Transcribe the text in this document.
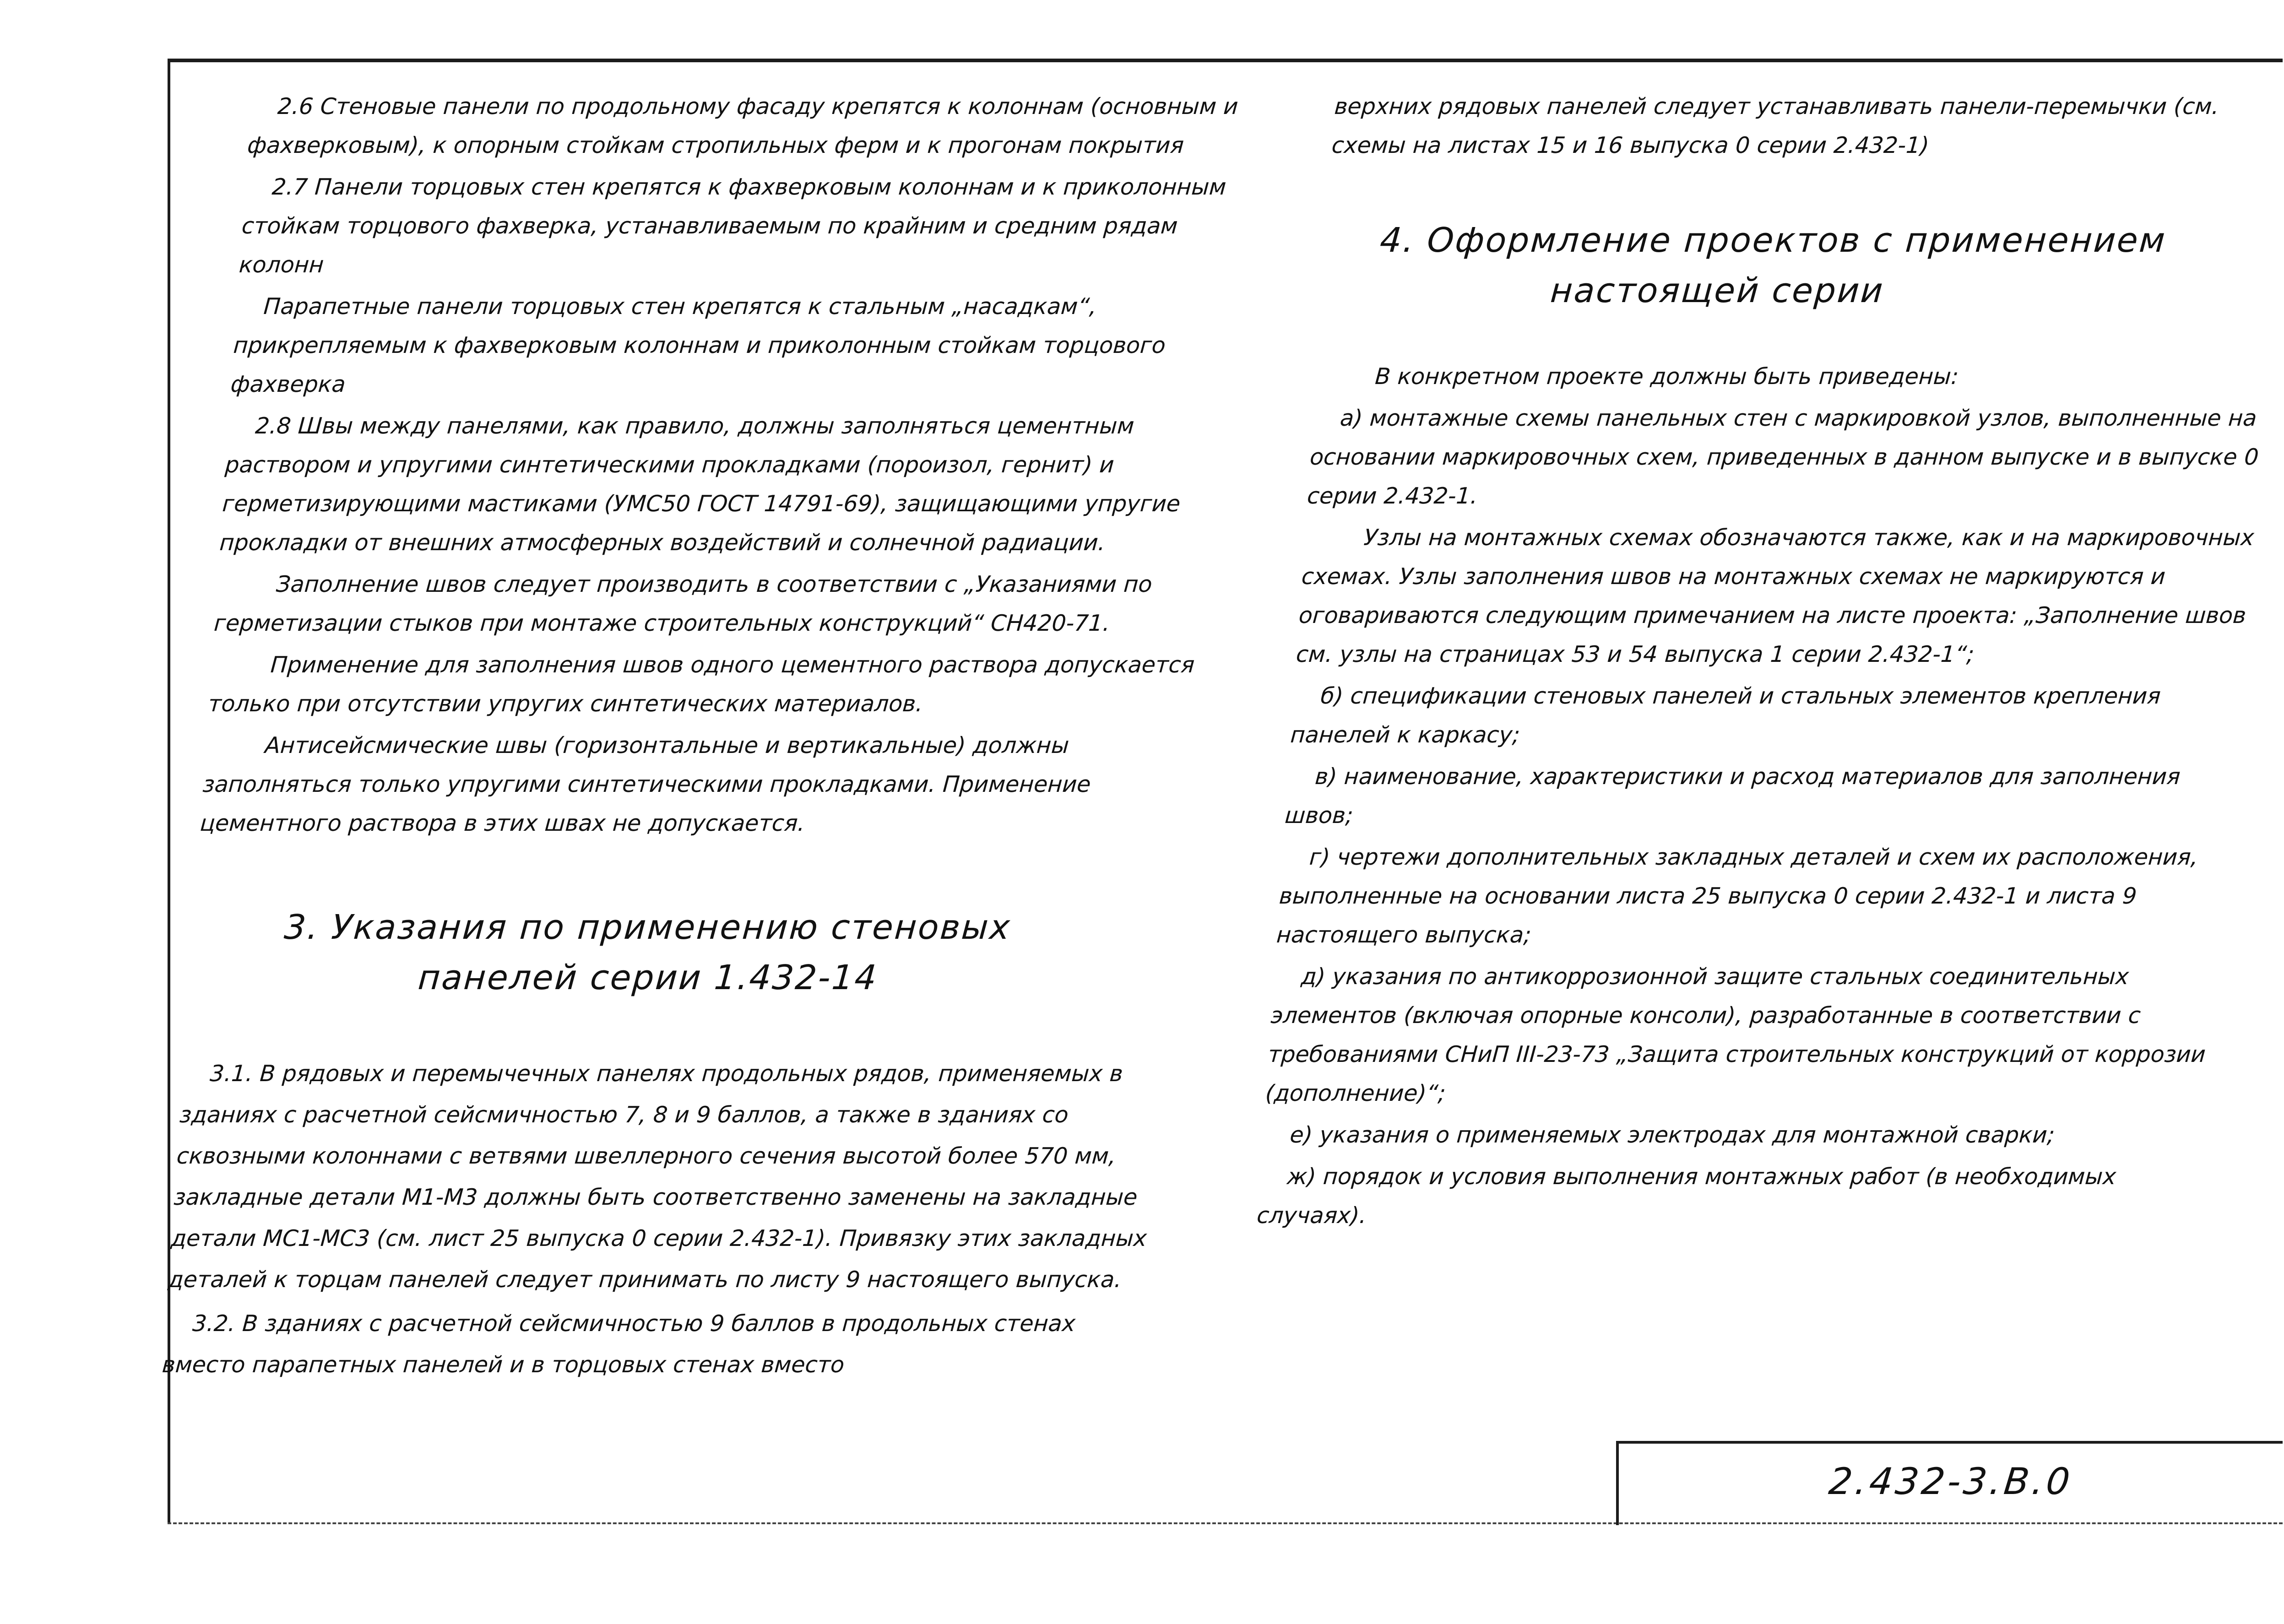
2.6 Стеновые панели по продольному фасаду крепятся к колоннам (основным и фахверковым), к опорным стойкам стропильных ферм и к прогонам покрытия

2.7 Панели торцовых стен крепятся к фахверковым колоннам и к приколонным стойкам торцового фахверка, устанавливаемым по крайним и средним рядам колонн

Парапетные панели торцовых стен крепятся к стальным „насадкам“, прикрепляемым к фахверковым колоннам и приколонным стойкам торцового фахверка

2.8 Швы между панелями, как правило, должны заполняться цементным раствором и упругими синтетическими прокладками (пороизол, гернит) и герметизирующими мастиками (УМС50 ГОСТ 14791-69), защищающими упругие прокладки от внешних атмосферных воздействий и солнечной радиации.

Заполнение швов следует производить в соответствии с „Указаниями по герметизации стыков при монтаже строительных конструкций“ СН420-71.

Применение для заполнения швов одного цементного раствора допускается только при отсутствии упругих синтетических материалов.

Антисейсмические швы (горизонтальные и вертикальные) должны заполняться только упругими синтетическими прокладками. Применение цементного раствора в этих швах не допускается.

3. Указания по применению стеновых
панелей серии 1.432-14

3.1. В рядовых и перемычечных панелях продольных рядов, применяемых в зданиях с расчетной сейсмичностью 7, 8 и 9 баллов, а также в зданиях со сквозными колоннами с ветвями швеллерного сечения высотой более 570 мм, закладные детали М1-М3 должны быть соответственно заменены на закладные детали МС1-МС3 (см. лист 25 выпуска 0 серии 2.432-1). Привязку этих закладных деталей к торцам панелей следует принимать по листу 9 настоящего выпуска.

3.2. В зданиях с расчетной сейсмичностью 9 баллов в продольных стенах вместо парапетных панелей и в торцовых стенах вместо

верхних рядовых панелей следует устанавливать панели-перемычки (см. схемы на листах 15 и 16 выпуска 0 серии 2.432-1)

4. Оформление проектов с применением
настоящей серии

В конкретном проекте должны быть приведены:

а) монтажные схемы панельных стен с маркировкой узлов, выполненные на основании маркировочных схем, приведенных в данном выпуске и в выпуске 0 серии 2.432-1.

Узлы на монтажных схемах обозначаются также, как и на маркировочных схемах. Узлы заполнения швов на монтажных схемах не маркируются и оговариваются следующим примечанием на листе проекта: „Заполнение швов см. узлы на страницах 53 и 54 выпуска 1 серии 2.432-1“;

б) спецификации стеновых панелей и стальных элементов крепления панелей к каркасу;

в) наименование, характеристики и расход материалов для заполнения швов;

г) чертежи дополнительных закладных деталей и схем их расположения, выполненные на основании листа 25 выпуска 0 серии 2.432-1 и листа 9 настоящего выпуска;

д) указания по антикоррозионной защите стальных соединительных элементов (включая опорные консоли), разработанные в соответствии с требованиями СНиП III-23-73 „Защита строительных конструкций от коррозии (дополнение)“;

е) указания о применяемых электродах для монтажной сварки;

ж) порядок и условия выполнения монтажных работ (в необходимых случаях).

2.432-3.В.0
